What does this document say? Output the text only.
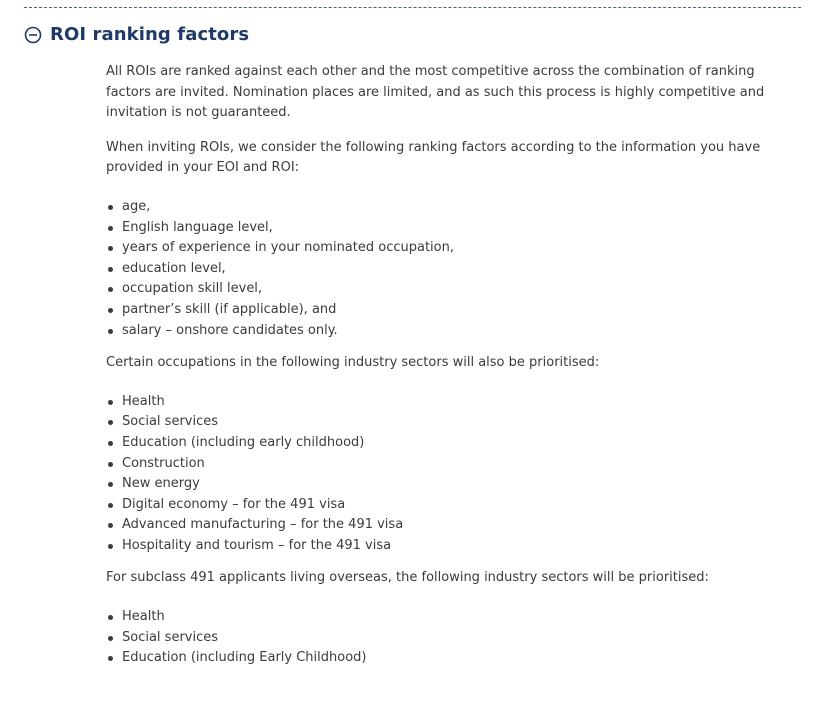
ROI ranking factors

All ROIs are ranked against each other and the most competitive across the combination of ranking factors are invited. Nomination places are limited, and as such this process is highly competitive and invitation is not guaranteed.

When inviting ROIs, we consider the following ranking factors according to the information you have provided in your EOI and ROI:

age,
English language level,
years of experience in your nominated occupation,
education level,
occupation skill level,
partner’s skill (if applicable), and
salary – onshore candidates only.

Certain occupations in the following industry sectors will also be prioritised:

Health
Social services
Education (including early childhood)
Construction
New energy
Digital economy – for the 491 visa
Advanced manufacturing – for the 491 visa
Hospitality and tourism – for the 491 visa

For subclass 491 applicants living overseas, the following industry sectors will be prioritised:

Health
Social services
Education (including Early Childhood)
